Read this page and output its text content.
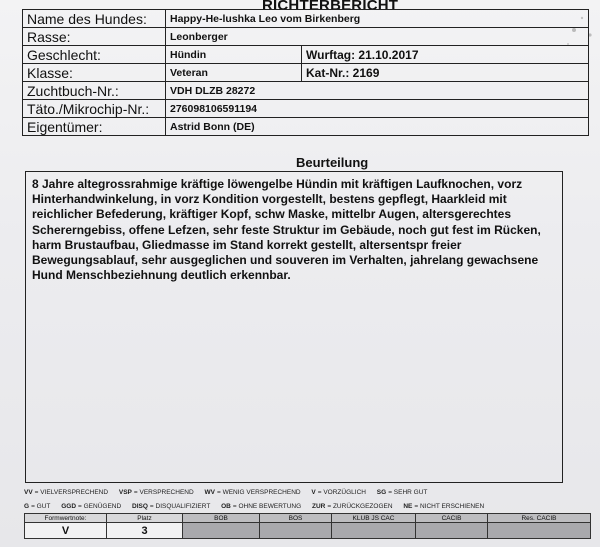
RICHTERBERICHT
Name des Hundes:	Happy-He-lushka Leo vom Birkenberg	
Rasse:	Leonberger	
Geschlecht:	Hündin	Wurftag: 21.10.2017
Klasse:	Veteran	Kat-Nr.: 2169
Zuchtbuch-Nr.:	VDH DLZB 28272	
Täto./Mikrochip-Nr.:	276098106591194	
Eigentümer:	Astrid Bonn (DE)	
Beurteilung
8 Jahre altegrossrahmige kräftige löwengelbe Hündin mit kräftigen Laufknochen, vorz Hinterhandwinkelung, in vorz Kondition vorgestellt, bestens gepflegt, Haarkleid mit reichlicher Befederung, kräftiger Kopf, schw Maske, mittelbr Augen, altersgerechtes Schererngebiss, offene Lefzen, sehr feste Struktur im Gebäude, noch gut fest im Rücken, harm Brustaufbau, Gliedmasse im Stand korrekt gestellt, altersentspr freier Bewegungsablauf, sehr ausgeglichen und souveren im Verhalten, jahrelang gewachsene Hund Menschbeziehnung deutlich erkennbar.
VV = VIELVERSPRECHEND VSP = VERSPRECHEND WV = WENIG VERSPRECHEND V = VORZÜGLICH SG = SEHR GUT
G = GUT GGD = GENÜGEND DISQ = DISQUALIFIZIERT OB = OHNE BEWERTUNG ZUR = ZURÜCKGEZOGEN NE = NICHT ERSCHIENEN
Formwertnote:	Platz	BOB	BOS	KLUB JS CAC	CACIB	Res. CACIB
V	3					
